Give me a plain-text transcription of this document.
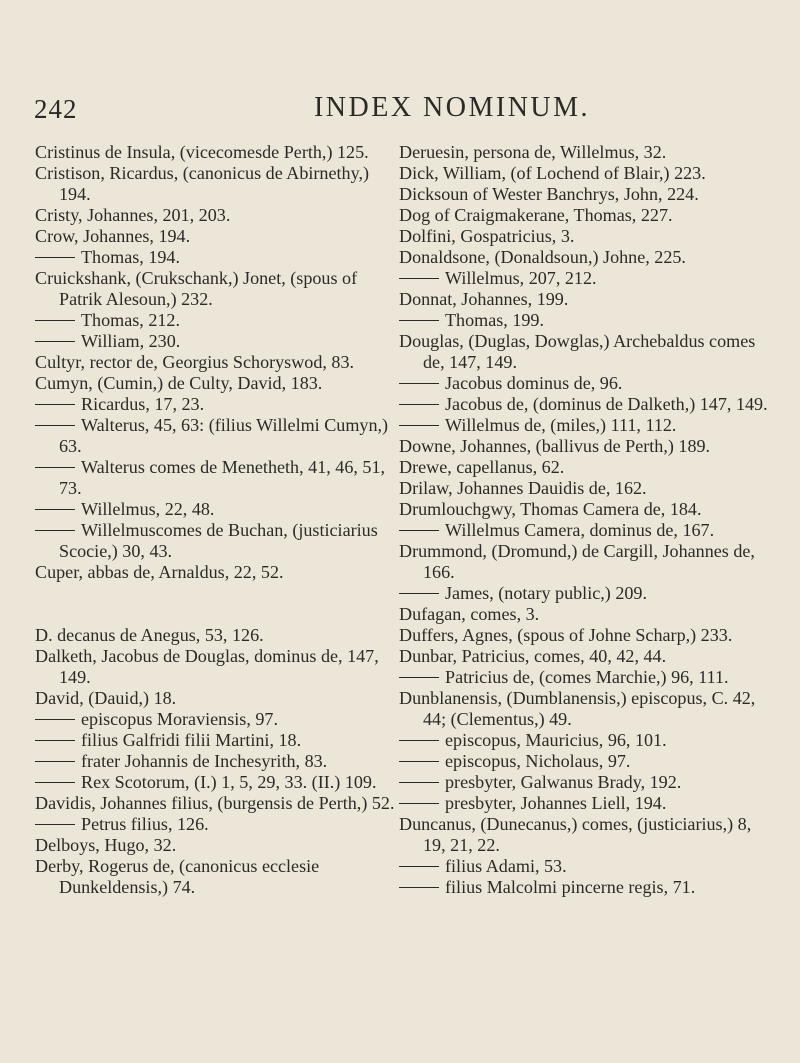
242	INDEX NOMINUM.

Cristinus de Insula, (vicecomesde Perth,) 125.

Cristison, Ricardus, (canonicus de Abirnethy,) 194.

Cristy, Johannes, 201, 203.

Crow, Johannes, 194.

Thomas, 194.

Cruickshank, (Crukschank,) Jonet, (spous of Patrik Alesoun,) 232.

Thomas, 212.

William, 230.

Cultyr, rector de, Georgius Schoryswod, 83.

Cumyn, (Cumin,) de Culty, David, 183.

Ricardus, 17, 23.

Walterus, 45, 63: (filius Willelmi Cumyn,) 63.

Walterus comes de Menetheth, 41, 46, 51, 73.

Willelmus, 22, 48.

Willelmuscomes de Buchan, (justiciarius Scocie,) 30, 43.

Cuper, abbas de, Arnaldus, 22, 52.

D. decanus de Anegus, 53, 126.

Dalketh, Jacobus de Douglas, dominus de, 147, 149.

David, (Dauid,) 18.

episcopus Moraviensis, 97.

filius Galfridi filii Martini, 18.

frater Johannis de Inchesyrith, 83.

Rex Scotorum, (I.) 1, 5, 29, 33. (II.) 109.

Davidis, Johannes filius, (burgensis de Perth,) 52.

Petrus filius, 126.

Delboys, Hugo, 32.

Derby, Rogerus de, (canonicus ecclesie Dunkeldensis,) 74.

Deruesin, persona de, Willelmus, 32.

Dick, William, (of Lochend of Blair,) 223.

Dicksoun of Wester Banchrys, John, 224.

Dog of Craigmakerane, Thomas, 227.

Dolfini, Gospatricius, 3.

Donaldsone, (Donaldsoun,) Johne, 225.

Willelmus, 207, 212.

Donnat, Johannes, 199.

Thomas, 199.

Douglas, (Duglas, Dowglas,) Archebaldus comes de, 147, 149.

Jacobus dominus de, 96.

Jacobus de, (dominus de Dalketh,) 147, 149.

Willelmus de, (miles,) 111, 112.

Downe, Johannes, (ballivus de Perth,) 189.

Drewe, capellanus, 62.

Drilaw, Johannes Dauidis de, 162.

Drumlouchgwy, Thomas Camera de, 184.

Willelmus Camera, dominus de, 167.

Drummond, (Dromund,) de Cargill, Johannes de, 166.

James, (notary public,) 209.

Dufagan, comes, 3.

Duffers, Agnes, (spous of Johne Scharp,) 233.

Dunbar, Patricius, comes, 40, 42, 44.

Patricius de, (comes Marchie,) 96, 111.

Dunblanensis, (Dumblanensis,) episcopus, C. 42, 44; (Clementus,) 49.

episcopus, Mauricius, 96, 101.

episcopus, Nicholaus, 97.

presbyter, Galwanus Brady, 192.

presbyter, Johannes Liell, 194.

Duncanus, (Dunecanus,) comes, (justiciarius,) 8, 19, 21, 22.

filius Adami, 53.

filius Malcolmi pincerne regis, 71.
